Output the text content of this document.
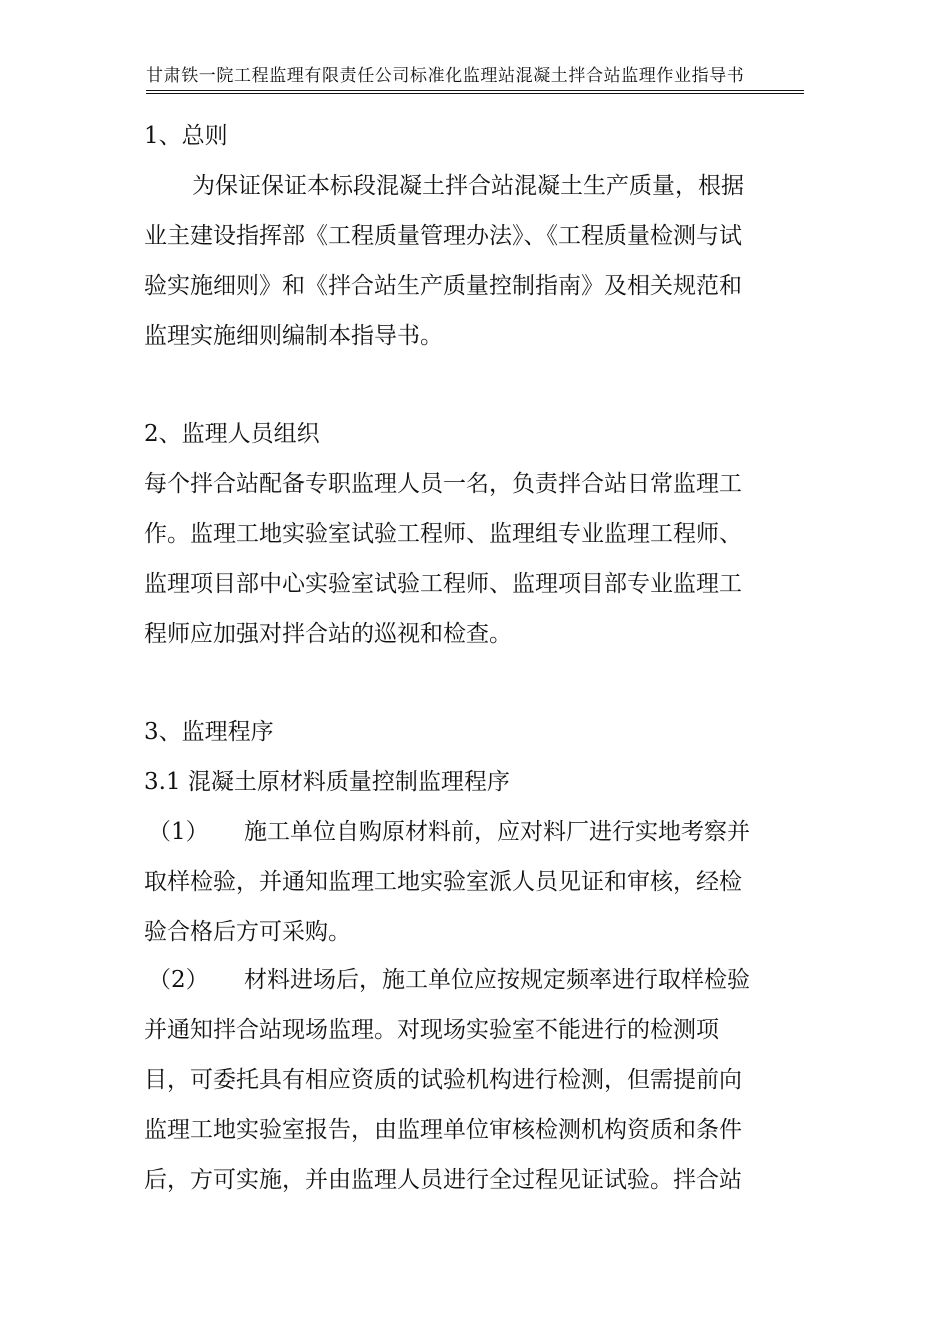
甘肃铁一院工程监理有限责任公司标准化监理站混凝土拌合站监理作业指导书
1、总则
为保证保证本标段混凝土拌合站混凝土生产质量，根据
业主建设指挥部《工程质量管理办法》、《工程质量检测与试
验实施细则》和《拌合站生产质量控制指南》及相关规范和
监理实施细则编制本指导书。
2、监理人员组织
每个拌合站配备专职监理人员一名，负责拌合站日常监理工
作。监理工地实验室试验工程师、监理组专业监理工程师、
监理项目部中心实验室试验工程师、监理项目部专业监理工
程师应加强对拌合站的巡视和检查。
3、监理程序
3.1 混凝土原材料质量控制监理程序
（1） 施工单位自购原材料前，应对料厂进行实地考察并
取样检验，并通知监理工地实验室派人员见证和审核，经检
验合格后方可采购。
（2） 材料进场后，施工单位应按规定频率进行取样检验
并通知拌合站现场监理。对现场实验室不能进行的检测项
目，可委托具有相应资质的试验机构进行检测，但需提前向
监理工地实验室报告，由监理单位审核检测机构资质和条件
后，方可实施，并由监理人员进行全过程见证试验。拌合站
